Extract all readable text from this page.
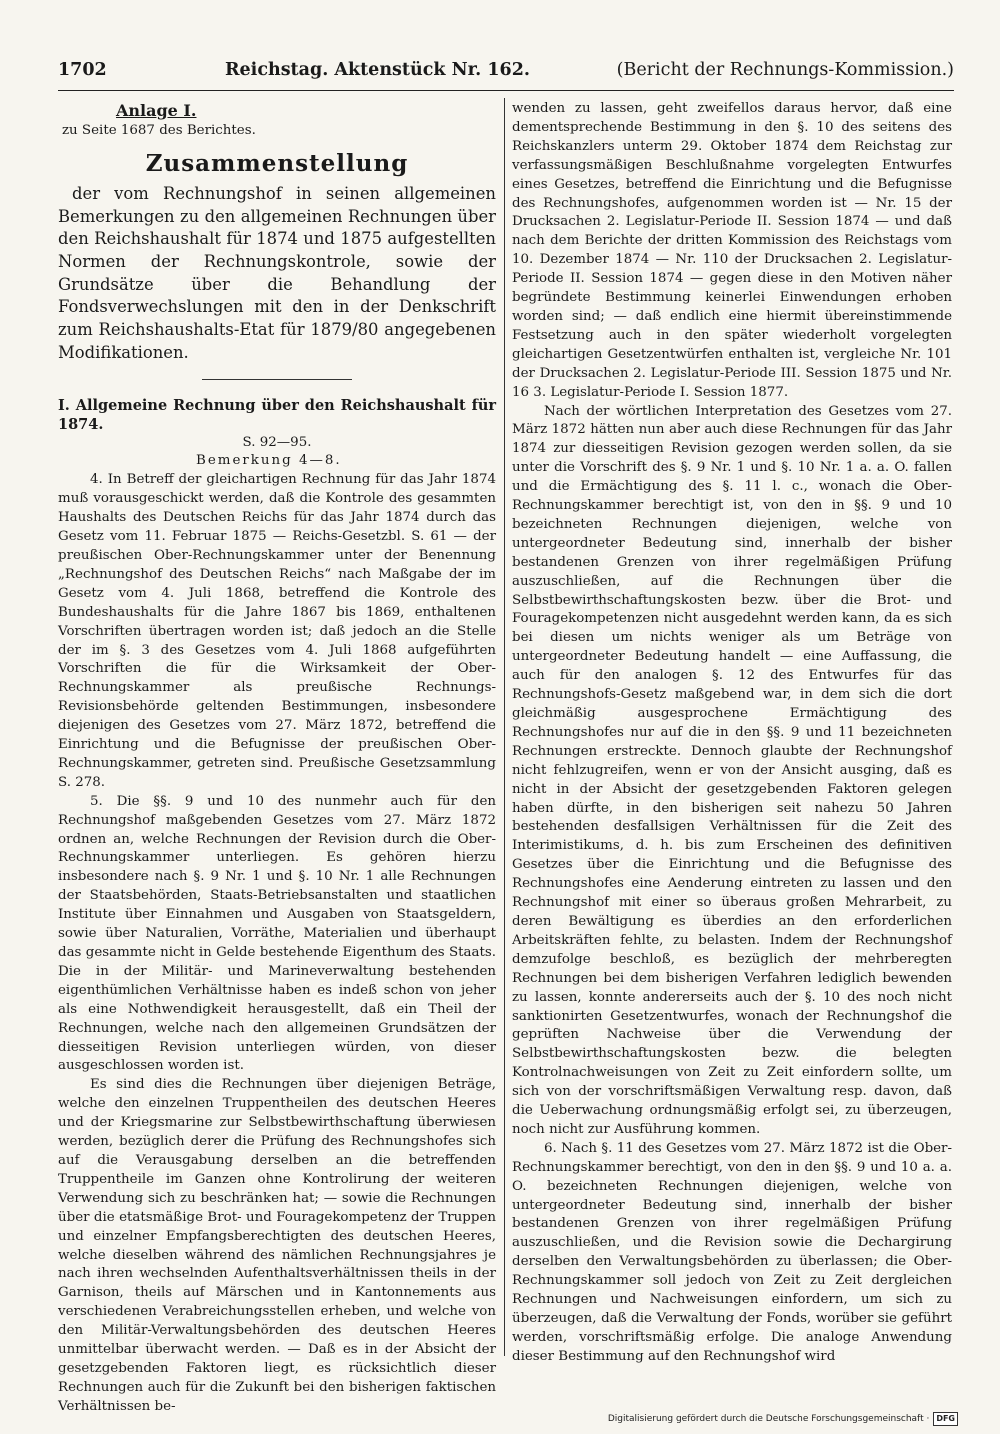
1702	Reichstag. Aktenstück Nr. 162.	(Bericht der Rechnungs-Kommission.)

Anlage I.

zu Seite 1687 des Berichtes.

Zusammenstellung

der vom Rechnungshof in seinen allgemeinen Bemerkungen zu den allgemeinen Rechnungen über den Reichshaushalt für 1874 und 1875 aufgestellten Normen der Rechnungskontrole, sowie der Grundsätze über die Behandlung der Fondsverwechslungen mit den in der Denkschrift zum Reichshaushalts-Etat für 1879/80 angegebenen Modifikationen.

I. Allgemeine Rechnung über den Reichshaushalt für 1874.

S. 92—95.

Bemerkung 4—8.

4. In Betreff der gleichartigen Rechnung für das Jahr 1874 muß vorausgeschickt werden, daß die Kontrole des gesammten Haushalts des Deutschen Reichs für das Jahr 1874 durch das Gesetz vom 11. Februar 1875 — Reichs-Gesetzbl. S. 61 — der preußischen Ober-Rechnungskammer unter der Benennung „Rechnungshof des Deutschen Reichs“ nach Maßgabe der im Gesetz vom 4. Juli 1868, betreffend die Kontrole des Bundeshaushalts für die Jahre 1867 bis 1869, enthaltenen Vorschriften übertragen worden ist; daß jedoch an die Stelle der im §. 3 des Gesetzes vom 4. Juli 1868 aufgeführten Vorschriften die für die Wirksamkeit der Ober-Rechnungskammer als preußische Rechnungs-Revisionsbehörde geltenden Bestimmungen, insbesondere diejenigen des Gesetzes vom 27. März 1872, betreffend die Einrichtung und die Befugnisse der preußischen Ober-Rechnungskammer, getreten sind. Preußische Gesetzsammlung S. 278.

5. Die §§. 9 und 10 des nunmehr auch für den Rechnungshof maßgebenden Gesetzes vom 27. März 1872 ordnen an, welche Rechnungen der Revision durch die Ober-Rechnungskammer unterliegen. Es gehören hierzu insbesondere nach §. 9 Nr. 1 und §. 10 Nr. 1 alle Rechnungen der Staatsbehörden, Staats-Betriebsanstalten und staatlichen Institute über Einnahmen und Ausgaben von Staatsgeldern, sowie über Naturalien, Vorräthe, Materialien und überhaupt das gesammte nicht in Gelde bestehende Eigenthum des Staats. Die in der Militär- und Marineverwaltung bestehenden eigenthümlichen Verhältnisse haben es indeß schon von jeher als eine Nothwendigkeit herausgestellt, daß ein Theil der Rechnungen, welche nach den allgemeinen Grundsätzen der diesseitigen Revision unterliegen würden, von dieser ausgeschlossen worden ist.

Es sind dies die Rechnungen über diejenigen Beträge, welche den einzelnen Truppentheilen des deutschen Heeres und der Kriegsmarine zur Selbstbewirthschaftung überwiesen werden, bezüglich derer die Prüfung des Rechnungshofes sich auf die Verausgabung derselben an die betreffenden Truppentheile im Ganzen ohne Kontrolirung der weiteren Verwendung sich zu beschränken hat; — sowie die Rechnungen über die etatsmäßige Brot- und Fouragekompetenz der Truppen und einzelner Empfangsberechtigten des deutschen Heeres, welche dieselben während des nämlichen Rechnungsjahres je nach ihren wechselnden Aufenthaltsverhältnissen theils in der Garnison, theils auf Märschen und in Kantonnements aus verschiedenen Verabreichungsstellen erheben, und welche von den Militär-Verwaltungsbehörden des deutschen Heeres unmittelbar überwacht werden. — Daß es in der Absicht der gesetzgebenden Faktoren liegt, es rücksichtlich dieser Rechnungen auch für die Zukunft bei den bisherigen faktischen Verhältnissen be-

wenden zu lassen, geht zweifellos daraus hervor, daß eine dementsprechende Bestimmung in den §. 10 des seitens des Reichskanzlers unterm 29. Oktober 1874 dem Reichstag zur verfassungsmäßigen Beschlußnahme vorgelegten Entwurfes eines Gesetzes, betreffend die Einrichtung und die Befugnisse des Rechnungshofes, aufgenommen worden ist — Nr. 15 der Drucksachen 2. Legislatur-Periode II. Session 1874 — und daß nach dem Berichte der dritten Kommission des Reichstags vom 10. Dezember 1874 — Nr. 110 der Drucksachen 2. Legislatur-Periode II. Session 1874 — gegen diese in den Motiven näher begründete Bestimmung keinerlei Einwendungen erhoben worden sind; — daß endlich eine hiermit übereinstimmende Festsetzung auch in den später wiederholt vorgelegten gleichartigen Gesetzentwürfen enthalten ist, vergleiche Nr. 101 der Drucksachen 2. Legislatur-Periode III. Session 1875 und Nr. 16 3. Legislatur-Periode I. Session 1877.

Nach der wörtlichen Interpretation des Gesetzes vom 27. März 1872 hätten nun aber auch diese Rechnungen für das Jahr 1874 zur diesseitigen Revision gezogen werden sollen, da sie unter die Vorschrift des §. 9 Nr. 1 und §. 10 Nr. 1 a. a. O. fallen und die Ermächtigung des §. 11 l. c., wonach die Ober-Rechnungskammer berechtigt ist, von den in §§. 9 und 10 bezeichneten Rechnungen diejenigen, welche von untergeordneter Bedeutung sind, innerhalb der bisher bestandenen Grenzen von ihrer regelmäßigen Prüfung auszuschließen, auf die Rechnungen über die Selbstbewirthschaftungskosten bezw. über die Brot- und Fouragekompetenzen nicht ausgedehnt werden kann, da es sich bei diesen um nichts weniger als um Beträge von untergeordneter Bedeutung handelt — eine Auffassung, die auch für den analogen §. 12 des Entwurfes für das Rechnungshofs-Gesetz maßgebend war, in dem sich die dort gleichmäßig ausgesprochene Ermächtigung des Rechnungshofes nur auf die in den §§. 9 und 11 bezeichneten Rechnungen erstreckte. Dennoch glaubte der Rechnungshof nicht fehlzugreifen, wenn er von der Ansicht ausging, daß es nicht in der Absicht der gesetzgebenden Faktoren gelegen haben dürfte, in den bisherigen seit nahezu 50 Jahren bestehenden desfallsigen Verhältnissen für die Zeit des Interimistikums, d. h. bis zum Erscheinen des definitiven Gesetzes über die Einrichtung und die Befugnisse des Rechnungshofes eine Aenderung eintreten zu lassen und den Rechnungshof mit einer so überaus großen Mehrarbeit, zu deren Bewältigung es überdies an den erforderlichen Arbeitskräften fehlte, zu belasten. Indem der Rechnungshof demzufolge beschloß, es bezüglich der mehrberegten Rechnungen bei dem bisherigen Verfahren lediglich bewenden zu lassen, konnte andererseits auch der §. 10 des noch nicht sanktionirten Gesetzentwurfes, wonach der Rechnungshof die geprüften Nachweise über die Verwendung der Selbstbewirthschaftungskosten bezw. die belegten Kontrolnachweisungen von Zeit zu Zeit einfordern sollte, um sich von der vorschriftsmäßigen Verwaltung resp. davon, daß die Ueberwachung ordnungsmäßig erfolgt sei, zu überzeugen, noch nicht zur Ausführung kommen.

6. Nach §. 11 des Gesetzes vom 27. März 1872 ist die Ober-Rechnungskammer berechtigt, von den in den §§. 9 und 10 a. a. O. bezeichneten Rechnungen diejenigen, welche von untergeordneter Bedeutung sind, innerhalb der bisher bestandenen Grenzen von ihrer regelmäßigen Prüfung auszuschließen, und die Revision sowie die Dechargirung derselben den Verwaltungsbehörden zu überlassen; die Ober-Rechnungskammer soll jedoch von Zeit zu Zeit dergleichen Rechnungen und Nachweisungen einfordern, um sich zu überzeugen, daß die Verwaltung der Fonds, worüber sie geführt werden, vorschriftsmäßig erfolge. Die analoge Anwendung dieser Bestimmung auf den Rechnungshof wird

Digitalisierung gefördert durch die Deutsche Forschungsgemeinschaft · DFG
